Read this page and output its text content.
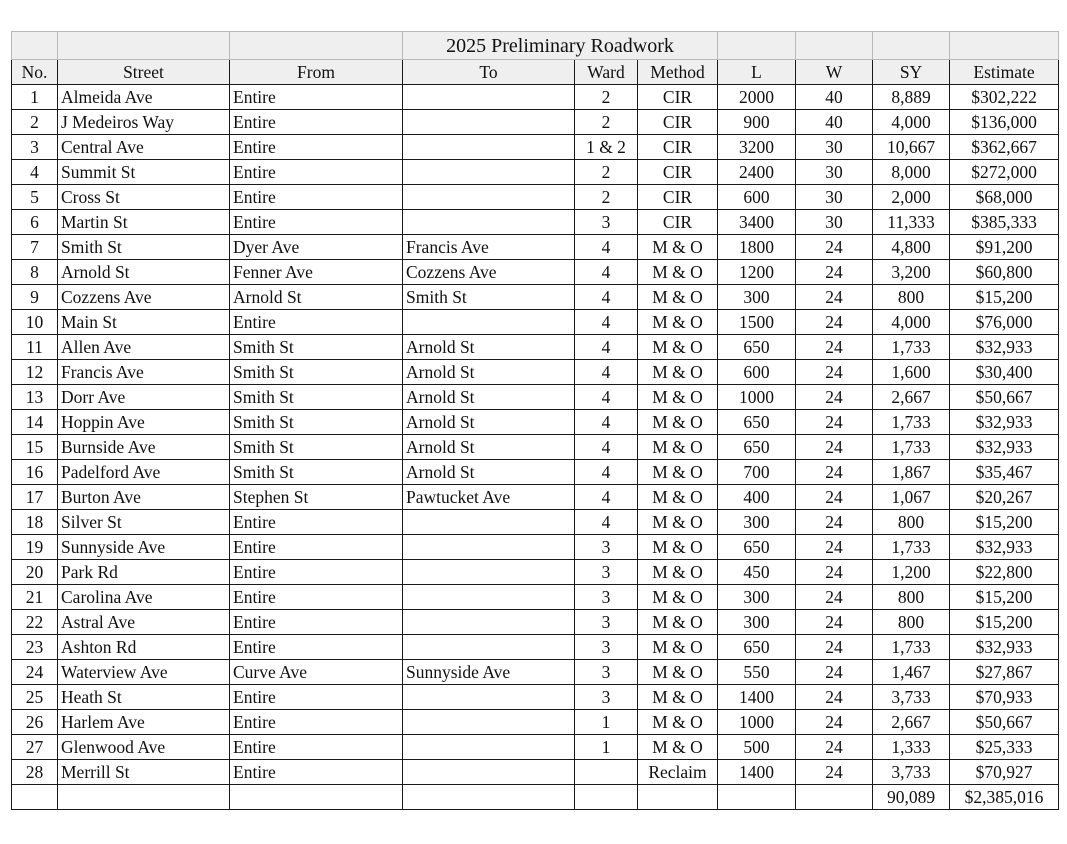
			2025 Preliminary Roadwork						
No.	Street	From	To	Ward	Method	L	W	SY	Estimate
1	Almeida Ave	Entire		2	CIR	2000	40	8,889	$302,222
2	J Medeiros Way	Entire		2	CIR	900	40	4,000	$136,000
3	Central Ave	Entire		1 & 2	CIR	3200	30	10,667	$362,667
4	Summit St	Entire		2	CIR	2400	30	8,000	$272,000
5	Cross St	Entire		2	CIR	600	30	2,000	$68,000
6	Martin St	Entire		3	CIR	3400	30	11,333	$385,333
7	Smith St	Dyer Ave	Francis Ave	4	M & O	1800	24	4,800	$91,200
8	Arnold St	Fenner Ave	Cozzens Ave	4	M & O	1200	24	3,200	$60,800
9	Cozzens Ave	Arnold St	Smith St	4	M & O	300	24	800	$15,200
10	Main St	Entire		4	M & O	1500	24	4,000	$76,000
11	Allen Ave	Smith St	Arnold St	4	M & O	650	24	1,733	$32,933
12	Francis Ave	Smith St	Arnold St	4	M & O	600	24	1,600	$30,400
13	Dorr Ave	Smith St	Arnold St	4	M & O	1000	24	2,667	$50,667
14	Hoppin Ave	Smith St	Arnold St	4	M & O	650	24	1,733	$32,933
15	Burnside Ave	Smith St	Arnold St	4	M & O	650	24	1,733	$32,933
16	Padelford Ave	Smith St	Arnold St	4	M & O	700	24	1,867	$35,467
17	Burton Ave	Stephen St	Pawtucket Ave	4	M & O	400	24	1,067	$20,267
18	Silver St	Entire		4	M & O	300	24	800	$15,200
19	Sunnyside Ave	Entire		3	M & O	650	24	1,733	$32,933
20	Park Rd	Entire		3	M & O	450	24	1,200	$22,800
21	Carolina Ave	Entire		3	M & O	300	24	800	$15,200
22	Astral Ave	Entire		3	M & O	300	24	800	$15,200
23	Ashton Rd	Entire		3	M & O	650	24	1,733	$32,933
24	Waterview Ave	Curve Ave	Sunnyside Ave	3	M & O	550	24	1,467	$27,867
25	Heath St	Entire		3	M & O	1400	24	3,733	$70,933
26	Harlem Ave	Entire		1	M & O	1000	24	2,667	$50,667
27	Glenwood Ave	Entire		1	M & O	500	24	1,333	$25,333
28	Merrill St	Entire			Reclaim	1400	24	3,733	$70,927
								90,089	$2,385,016
